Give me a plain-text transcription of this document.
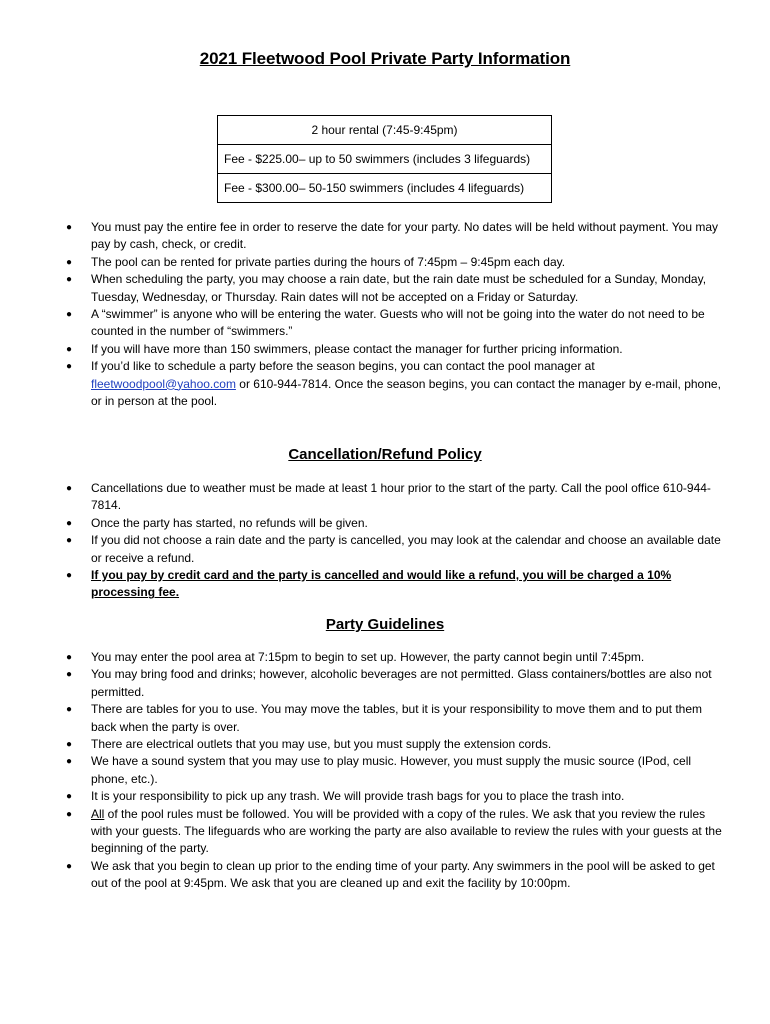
2021 Fleetwood Pool Private Party Information
2 hour rental (7:45-9:45pm)
Fee - $225.00– up to 50 swimmers (includes 3 lifeguards)
Fee - $300.00– 50-150 swimmers (includes 4 lifeguards)
● You must pay the entire fee in order to reserve the date for your party. No dates will be held without payment. You may pay by cash, check, or credit.
● The pool can be rented for private parties during the hours of 7:45pm – 9:45pm each day.
● When scheduling the party, you may choose a rain date, but the rain date must be scheduled for a Sunday, Monday, Tuesday, Wednesday, or Thursday. Rain dates will not be accepted on a Friday or Saturday.
● A “swimmer” is anyone who will be entering the water. Guests who will not be going into the water do not need to be counted in the number of “swimmers.”
● If you will have more than 150 swimmers, please contact the manager for further pricing information.
● If you’d like to schedule a party before the season begins, you can contact the pool manager at fleetwoodpool@yahoo.com or 610-944-7814. Once the season begins, you can contact the manager by e-mail, phone, or in person at the pool.
Cancellation/Refund Policy
● Cancellations due to weather must be made at least 1 hour prior to the start of the party. Call the pool office 610-944-7814.
● Once the party has started, no refunds will be given.
● If you did not choose a rain date and the party is cancelled, you may look at the calendar and choose an available date or receive a refund.
● If you pay by credit card and the party is cancelled and would like a refund, you will be charged a 10% processing fee.
Party Guidelines
● You may enter the pool area at 7:15pm to begin to set up. However, the party cannot begin until 7:45pm.
● You may bring food and drinks; however, alcoholic beverages are not permitted. Glass containers/bottles are also not permitted.
● There are tables for you to use. You may move the tables, but it is your responsibility to move them and to put them back when the party is over.
● There are electrical outlets that you may use, but you must supply the extension cords.
● We have a sound system that you may use to play music. However, you must supply the music source (IPod, cell phone, etc.).
● It is your responsibility to pick up any trash. We will provide trash bags for you to place the trash into.
● All of the pool rules must be followed. You will be provided with a copy of the rules. We ask that you review the rules with your guests. The lifeguards who are working the party are also available to review the rules with your guests at the beginning of the party.
● We ask that you begin to clean up prior to the ending time of your party. Any swimmers in the pool will be asked to get out of the pool at 9:45pm. We ask that you are cleaned up and exit the facility by 10:00pm.
